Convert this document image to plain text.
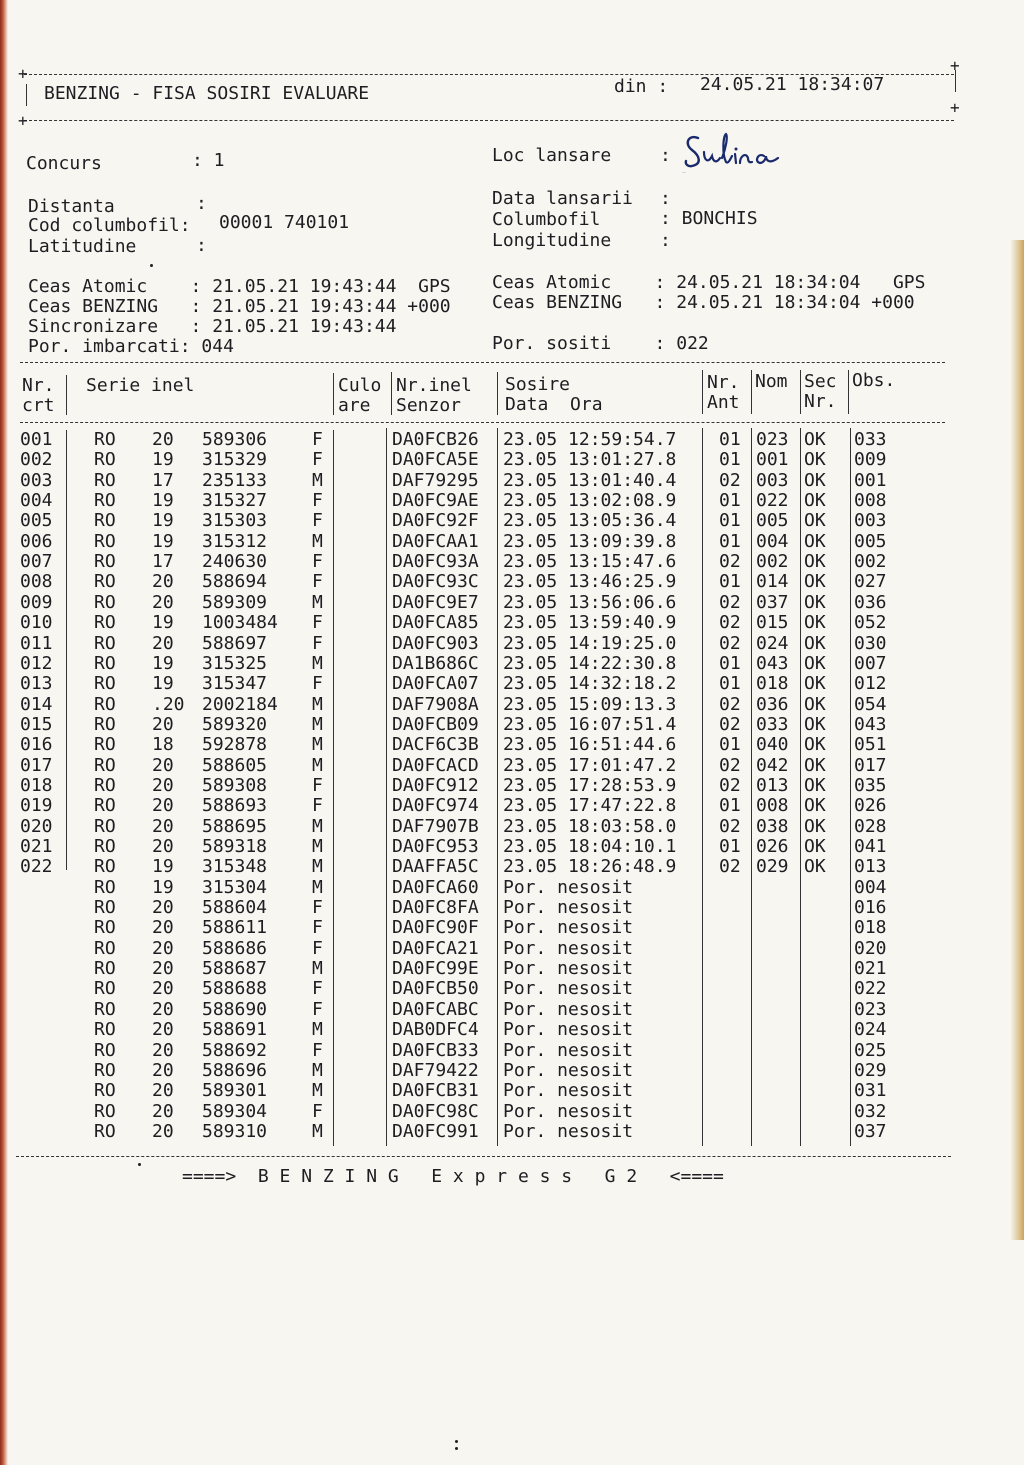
+	+
BENZING - FISA SOSIRI EVALUARE	din : 24.05.21 18:34:07
+
+
Concurs	: 1	Loc lansare	:
Sulina
Distanta	:
Cod columbofil: 00001 740101
Latitudine	:
Data lansarii :
Columbofil	: BONCHIS
Longitudine	:
Ceas Atomic    : 21.05.21 19:43:44  GPS
Ceas BENZING   : 21.05.21 19:43:44 +000
Sincronizare   : 21.05.21 19:43:44
Por. imbarcati: 044
Ceas Atomic    : 24.05.21 18:34:04   GPS
Ceas BENZING   : 24.05.21 18:34:04 +000
Por. sositi    : 022
Nr.
crt
Serie inel	Culo
are
Nr.inel
Senzor
Sosire
Data  Ora
Nr.
Ant
Nom Sec
Nr.
Obs.
001 RO 20 589306 F	DA0FCB26 23.05 12:59:54.7 01 023 OK 033
002 RO 19 315329 F	DA0FCA5E 23.05 13:01:27.8 01 001 OK 009
003 RO 17 235133 M	DAF79295 23.05 13:01:40.4 02 003 OK 001
004 RO 19 315327 F	DA0FC9AE 23.05 13:02:08.9 01 022 OK 008
005 RO 19 315303 F	DA0FC92F 23.05 13:05:36.4 01 005 OK 003
006 RO 19 315312 M	DA0FCAA1 23.05 13:09:39.8 01 004 OK 005
007 RO 17 240630 F	DA0FC93A 23.05 13:15:47.6 02 002 OK 002
008 RO 20 588694 F	DA0FC93C 23.05 13:46:25.9 01 014 OK 027
009 RO 20 589309 M	DA0FC9E7 23.05 13:56:06.6 02 037 OK 036
010 RO 19 1003484 F	DA0FCA85 23.05 13:59:40.9 02 015 OK 052
011 RO 20 588697 F	DA0FC903 23.05 14:19:25.0 02 024 OK 030
012 RO 19 315325 M	DA1B686C 23.05 14:22:30.8 01 043 OK 007
013 RO 19 315347 F	DA0FCA07 23.05 14:32:18.2 01 018 OK 012
014 RO .20 2002184 M	DAF7908A 23.05 15:09:13.3 02 036 OK 054
015 RO 20 589320 M	DA0FCB09 23.05 16:07:51.4 02 033 OK 043
016 RO 18 592878 M	DACF6C3B 23.05 16:51:44.6 01 040 OK 051
017 RO 20 588605 M	DA0FCACD 23.05 17:01:47.2 02 042 OK 017
018 RO 20 589308 F	DA0FC912 23.05 17:28:53.9 02 013 OK 035
019 RO 20 588693 F	DA0FC974 23.05 17:47:22.8 01 008 OK 026
020 RO 20 588695 M	DAF7907B 23.05 18:03:58.0 02 038 OK 028
021 RO 20 589318 M	DA0FC953 23.05 18:04:10.1 01 026 OK 041
022 RO 19 315348 M	DAAFFA5C 23.05 18:26:48.9 02 029 OK 013
RO 19 315304 M	DA0FCA60 Por. nesosit	004
RO 20 588604 F	DA0FC8FA Por. nesosit	016
RO 20 588611 F	DA0FC90F Por. nesosit	018
RO 20 588686 F	DA0FCA21 Por. nesosit	020
RO 20 588687 M	DA0FC99E Por. nesosit	021
RO 20 588688 F	DA0FCB50 Por. nesosit	022
RO 20 588690 F	DA0FCABC Por. nesosit	023
RO 20 588691 M	DAB0DFC4 Por. nesosit	024
RO 20 588692 F	DA0FCB33 Por. nesosit	025
RO 20 588696 M	DAF79422 Por. nesosit	029
RO 20 589301 M	DA0FCB31 Por. nesosit	031
RO 20 589304 F	DA0FC98C Por. nesosit	032
RO 20 589310 M	DA0FC991 Por. nesosit	037
====>  B E N Z I N G   E x p r e s s   G 2   <====
